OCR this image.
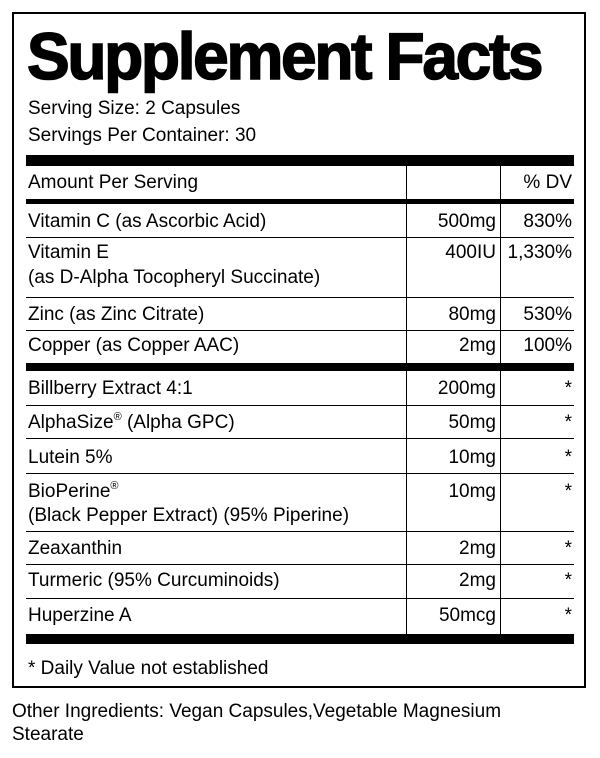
Supplement Facts
Serving Size: 2 Capsules
Servings Per Container: 30
Amount Per Serving	% DV
Vitamin C (as Ascorbic Acid)	500mg 830%
Vitamin E
(as D-Alpha Tocopheryl Succinate)
400IU 1,330%
Zinc (as Zinc Citrate)	80mg 530%
Copper (as Copper AAC)	2mg 100%
Billberry Extract 4:1	200mg	*
AlphaSize® (Alpha GPC)	50mg	*
Lutein 5%	10mg	*
BioPerine®
(Black Pepper Extract) (95% Piperine)
10mg	*
Zeaxanthin	2mg	*
Turmeric (95% Curcuminoids)	2mg	*
Huperzine A	50mcg	*
* Daily Value not established
Other Ingredients: Vegan Capsules,Vegetable Magnesium Stearate
